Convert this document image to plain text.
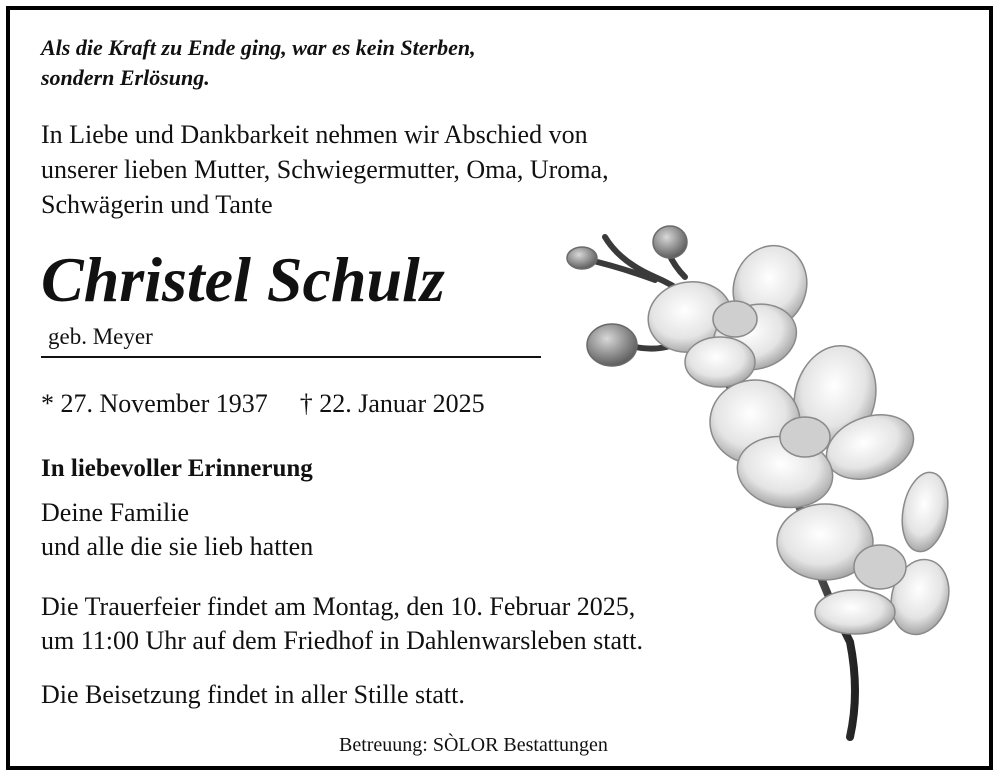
Als die Kraft zu Ende ging, war es kein Sterben,
sondern Erlösung.
In Liebe und Dankbarkeit nehmen wir Abschied von
unserer lieben Mutter, Schwiegermutter, Oma, Uroma,
Schwägerin und Tante
Christel Schulz
geb. Meyer
* 27. November 1937 † 22. Januar 2025
In liebevoller Erinnerung
Deine Familie
und alle die sie lieb hatten
Die Trauerfeier findet am Montag, den 10. Februar 2025,
um 11:00 Uhr auf dem Friedhof in Dahlenwarsleben statt.
Die Beisetzung findet in aller Stille statt.
Betreuung: SÒLOR Bestattungen
